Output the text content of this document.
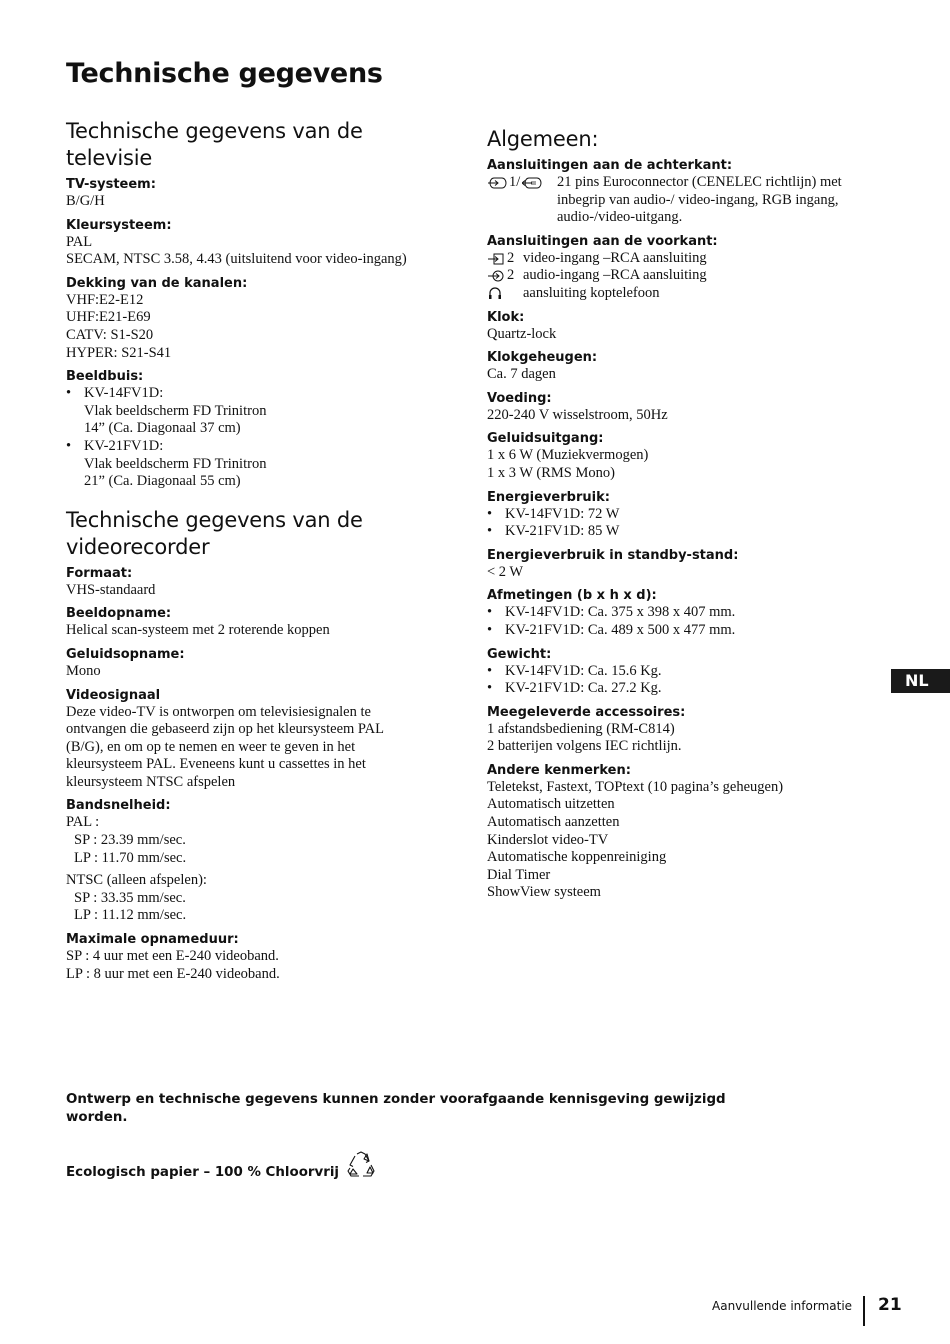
Technische gegevens
Technische gegevens van de televisie
TV-systeem:
B/G/H
Kleursysteem:
PAL
SECAM, NTSC 3.58, 4.43 (uitsluitend voor video-ingang)
Dekking van de kanalen:
VHF:E2-E12
UHF:E21-E69
CATV: S1-S20
HYPER: S21-S41
Beeldbuis:
• KV-14FV1D:
Vlak beeldscherm FD Trinitron
14” (Ca. Diagonaal 37 cm)
• KV-21FV1D:
Vlak beeldscherm FD Trinitron
21” (Ca. Diagonaal 55 cm)
Technische gegevens van de videorecorder
Formaat:
VHS-standaard
Beeldopname:
Helical scan-systeem met 2 roterende koppen
Geluidsopname:
Mono
Videosignaal
Deze video-TV is ontworpen om televisiesignalen te ontvangen die gebaseerd zijn op het kleursysteem PAL (B/G), en om op te nemen en weer te geven in het kleursysteem PAL. Eveneens kunt u cassettes in het kleursysteem NTSC afspelen
Bandsnelheid:
PAL :
SP : 23.39 mm/sec.
LP : 11.70 mm/sec.
NTSC (alleen afspelen):
SP : 33.35 mm/sec.
LP : 11.12 mm/sec.
Maximale opnameduur:
SP : 4 uur met een E-240 videoband.
LP : 8 uur met een E-240 videoband.
Algemeen:
Aansluitingen aan de achterkant:
1/	21 pins Euroconnector (CENELEC richtlijn) met
inbegrip van audio-/ video-ingang, RGB ingang,
audio-/video-uitgang.
Aansluitingen aan de voorkant:
2 video-ingang –RCA aansluiting
2 audio-ingang –RCA aansluiting
aansluiting koptelefoon
Klok:
Quartz-lock
Klokgeheugen:
Ca. 7 dagen
Voeding:
220-240 V wisselstroom, 50Hz
Geluidsuitgang:
1 x 6 W (Muziekvermogen)
1 x 3 W (RMS Mono)
Energieverbruik:
• KV-14FV1D: 72 W
• KV-21FV1D: 85 W
Energieverbruik in standby-stand:
< 2 W
Afmetingen (b x h x d):
• KV-14FV1D: Ca. 375 x 398 x 407 mm.
• KV-21FV1D: Ca. 489 x 500 x 477 mm.
Gewicht:
• KV-14FV1D: Ca. 15.6 Kg.
• KV-21FV1D: Ca. 27.2 Kg.
Meegeleverde accessoires:
1 afstandsbediening (RM-C814)
2 batterijen volgens IEC richtlijn.
Andere kenmerken:
Teletekst, Fastext, TOPtext (10 pagina’s geheugen)
Automatisch uitzetten
Automatisch aanzetten
Kinderslot video-TV
Automatische koppenreiniging
Dial Timer
ShowView systeem
NL
Ontwerp en technische gegevens kunnen zonder voorafgaande kennisgeving gewijzigd worden.
Ecologisch papier – 100 % Chloorvrij
Aanvullende informatie 21
